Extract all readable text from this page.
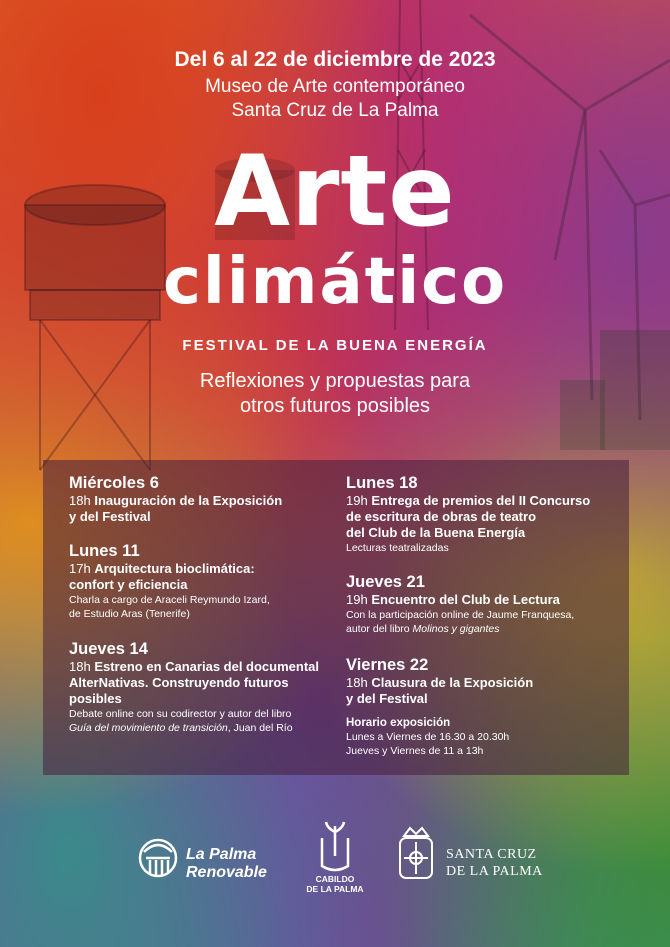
Del 6 al 22 de diciembre de 2023
Museo de Arte contemporáneo
Santa Cruz de La Palma
Arte
climático
FESTIVAL DE LA BUENA ENERGÍA
Reflexiones y propuestas para
otros futuros posibles
Miércoles 6
18h Inauguración de la Exposición
y del Festival
Lunes 11
17h Arquitectura bioclimática:
confort y eficiencia
Charla a cargo de Araceli Reymundo Izard,
de Estudio Aras (Tenerife)
Jueves 14
18h Estreno en Canarias del documental
AlterNativas. Construyendo futuros
posibles
Debate online con su codirector y autor del libro
Guía del movimiento de transición, Juan del Río
Lunes 18
19h Entrega de premios del II Concurso
de escritura de obras de teatro
del Club de la Buena Energía
Lecturas teatralizadas
Jueves 21
19h Encuentro del Club de Lectura
Con la participación online de Jaume Franquesa,
autor del libro Molinos y gigantes
Viernes 22
18h Clausura de la Exposición
y del Festival
Horario exposición
Lunes a Viernes de 16.30 a 20.30h
Jueves y Viernes de 11 a 13h
La Palma
Renovable	CABILDO
DE LA PALMA
SANTA CRUZ
DE LA PALMA
